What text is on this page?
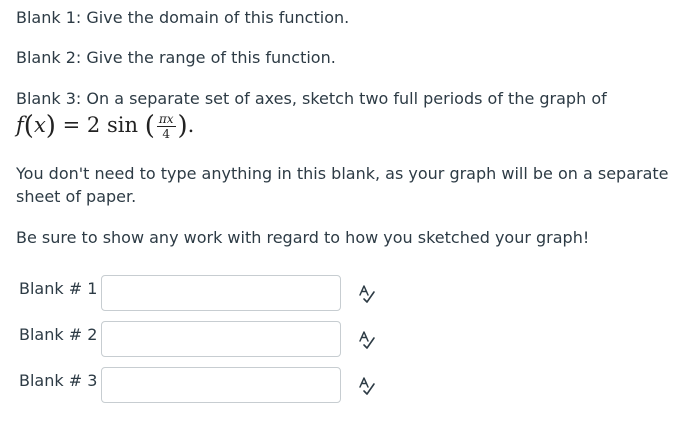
Blank 1: Give the domain of this function.

Blank 2: Give the range of this function.

Blank 3: On a separate set of axes, sketch two full periods of the graph of

f(x) = 2 sin ( $\frac{\pi x}{4}$ ).

You don't need to type anything in this blank, as your graph will be on a separate

sheet of paper.

Be sure to show any work with regard to how you sketched your graph!

Blank # 1
Blank # 2
Blank # 3
